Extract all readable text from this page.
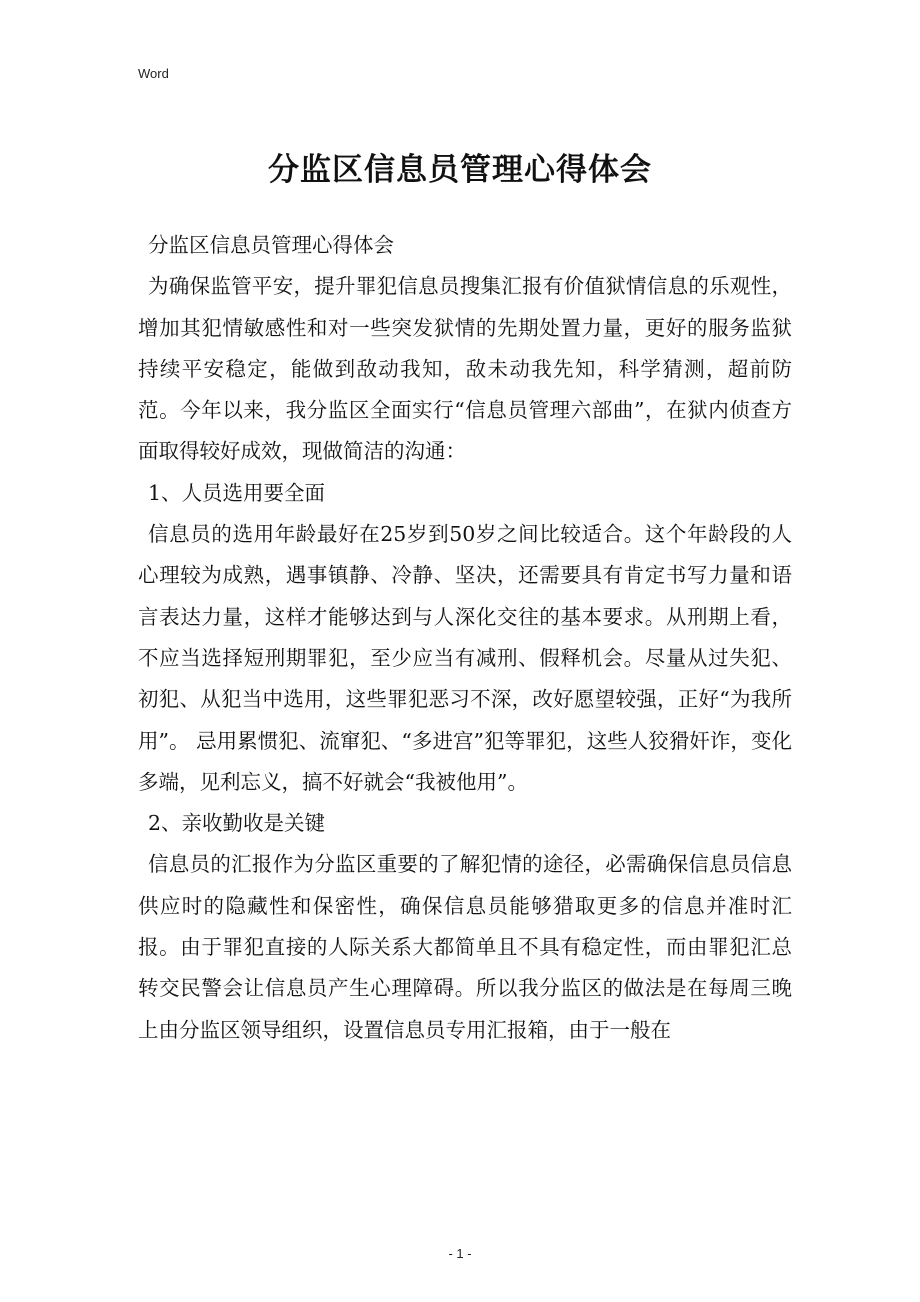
Word
分监区信息员管理心得体会

分监区信息员管理心得体会

为确保监管平安，提升罪犯信息员搜集汇报有价值狱情信息的乐观性，增加其犯情敏感性和对一些突发狱情的先期处置力量，更好的服务监狱持续平安稳定，能做到敌动我知，敌未动我先知，科学猜测，超前防范。今年以来，我分监区全面实行“信息员管理六部曲”，在狱内侦查方面取得较好成效，现做简洁的沟通：

1、人员选用要全面

信息员的选用年龄最好在25岁到50岁之间比较适合。这个年龄段的人心理较为成熟，遇事镇静、冷静、坚决，还需要具有肯定书写力量和语言表达力量，这样才能够达到与人深化交往的基本要求。从刑期上看，不应当选择短刑期罪犯，至少应当有减刑、假释机会。尽量从过失犯、初犯、从犯当中选用，这些罪犯恶习不深，改好愿望较强，正好“为我所用”。 忌用累惯犯、流窜犯、“多进宫”犯等罪犯，这些人狡猾奸诈，变化多端，见利忘义，搞不好就会“我被他用”。

2、亲收勤收是关键

信息员的汇报作为分监区重要的了解犯情的途径，必需确保信息员信息供应时的隐藏性和保密性，确保信息员能够猎取更多的信息并准时汇报。由于罪犯直接的人际关系大都简单且不具有稳定性，而由罪犯汇总转交民警会让信息员产生心理障碍。所以我分监区的做法是在每周三晚上由分监区领导组织，设置信息员专用汇报箱，由于一般在

- 1 -
